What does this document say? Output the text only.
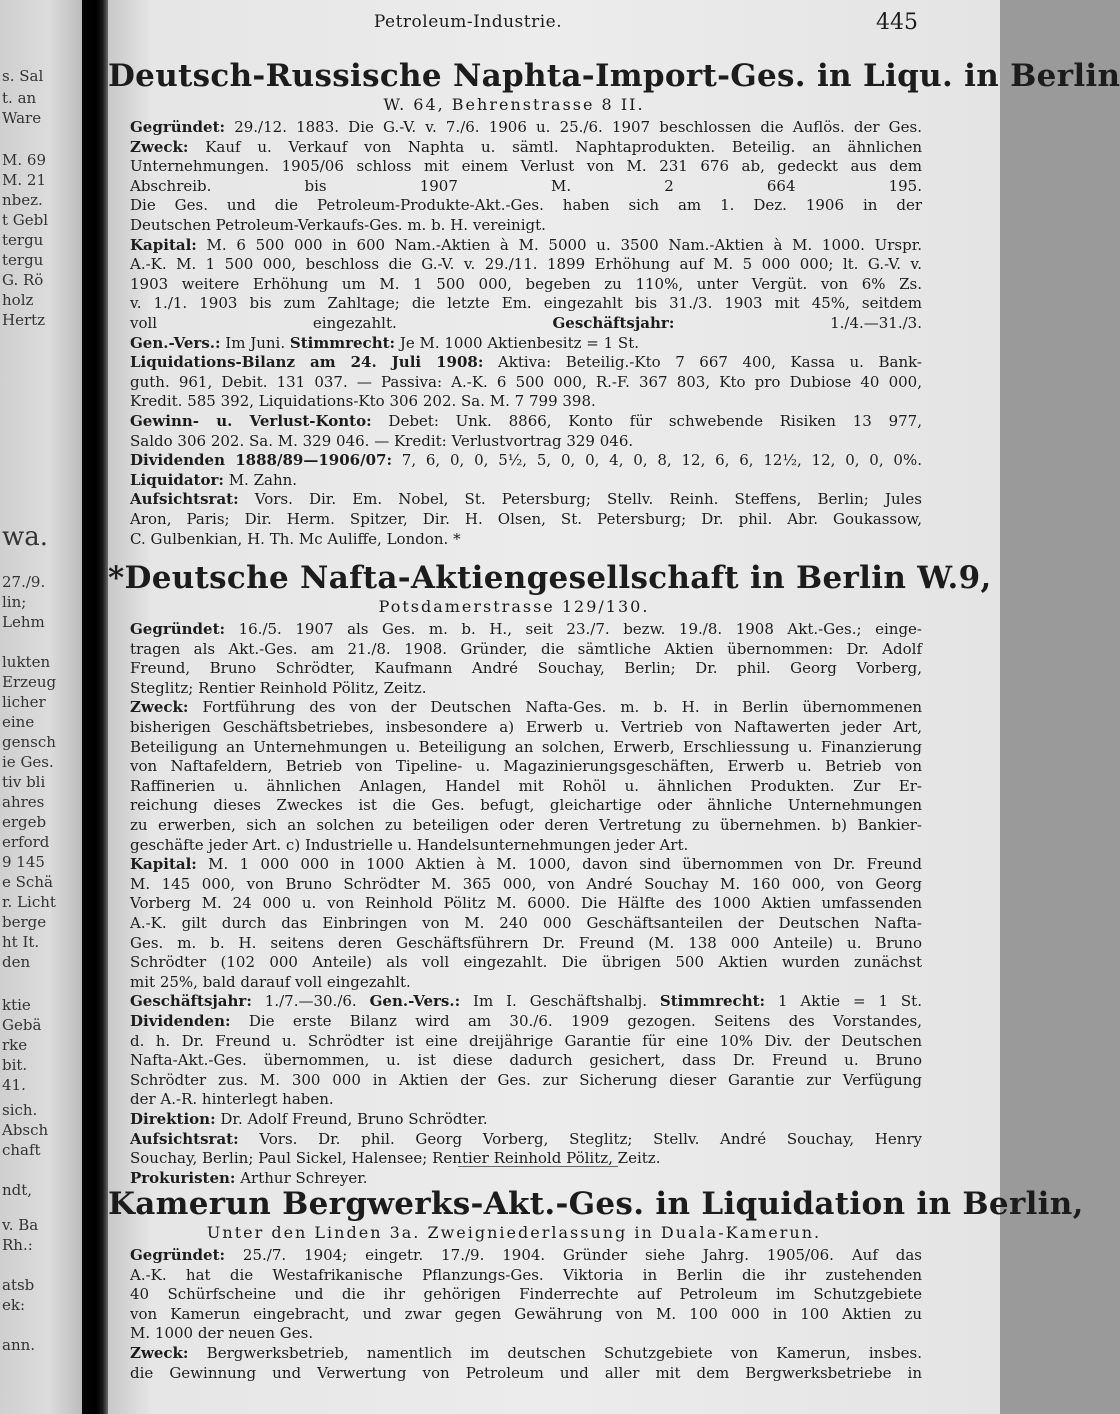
s. Sal
t. an
Ware
M. 69
M. 21
nbez.
t Gebl
tergu
tergu
G. Rö
holz
Hertz
wa.
27./9.
lin;
Lehm
lukten
Erzeug
licher
eine
gensch
ie Ges.
tiv bli
ahres
ergeb
erford
9 145
e Schä
r. Licht
berge
ht It.
den
ktie
Gebä
rke
bit.
41.
sich.
Absch
chaft
ndt,
v. Ba
Rh.:
atsb
ek:
ann.
Petroleum-Industrie.	445
Deutsch-Russische Naphta-Import-Ges. in Liqu. in Berlin
W. 64, Behrenstrasse 8 II.
Gegründet: 29./12. 1883. Die G.-V. v. 7./6. 1906 u. 25./6. 1907 beschlossen die Auflös. der Ges.
Zweck: Kauf u. Verkauf von Naphta u. sämtl. Naphtaprodukten. Beteilig. an ähnlichen
Unternehmungen. 1905/06 schloss mit einem Verlust von M. 231 676 ab, gedeckt aus dem
Abschreib. bis 1907 M. 2 664 195.
Die Ges. und die Petroleum-Produkte-Akt.-Ges. haben sich am 1. Dez. 1906 in der
Deutschen Petroleum-Verkaufs-Ges. m. b. H. vereinigt.
Kapital: M. 6 500 000 in 600 Nam.-Aktien à M. 5000 u. 3500 Nam.-Aktien à M. 1000. Urspr.
A.-K. M. 1 500 000, beschloss die G.-V. v. 29./11. 1899 Erhöhung auf M. 5 000 000; lt. G.-V. v.
1903 weitere Erhöhung um M. 1 500 000, begeben zu 110%, unter Vergüt. von 6% Zs.
v. 1./1. 1903 bis zum Zahltage; die letzte Em. eingezahlt bis 31./3. 1903 mit 45%, seitdem
voll eingezahlt.	Geschäftsjahr: 1./4.—31./3.
Gen.-Vers.: Im Juni. Stimmrecht: Je M. 1000 Aktienbesitz = 1 St.
Liquidations-Bilanz am 24. Juli 1908: Aktiva: Beteilig.-Kto 7 667 400, Kassa u. Bank-
guth. 961, Debit. 131 037. — Passiva: A.-K. 6 500 000, R.-F. 367 803, Kto pro Dubiose 40 000,
Kredit. 585 392, Liquidations-Kto 306 202. Sa. M. 7 799 398.
Gewinn- u. Verlust-Konto: Debet: Unk. 8866, Konto für schwebende Risiken 13 977,
Saldo 306 202. Sa. M. 329 046. — Kredit: Verlustvortrag 329 046.
Dividenden 1888/89—1906/07: 7, 6, 0, 0, 5½, 5, 0, 0, 4, 0, 8, 12, 6, 6, 12½, 12, 0, 0, 0%.
Liquidator: M. Zahn.
Aufsichtsrat: Vors. Dir. Em. Nobel, St. Petersburg; Stellv. Reinh. Steffens, Berlin; Jules
Aron, Paris; Dir. Herm. Spitzer, Dir. H. Olsen, St. Petersburg; Dr. phil. Abr. Goukassow,
C. Gulbenkian, H. Th. Mc Auliffe, London. *
*Deutsche Nafta-Aktiengesellschaft in Berlin W.9,
Potsdamerstrasse 129/130.
Gegründet: 16./5. 1907 als Ges. m. b. H., seit 23./7. bezw. 19./8. 1908 Akt.-Ges.; einge-
tragen als Akt.-Ges. am 21./8. 1908. Gründer, die sämtliche Aktien übernommen: Dr. Adolf
Freund, Bruno Schrödter, Kaufmann André Souchay, Berlin; Dr. phil. Georg Vorberg,
Steglitz; Rentier Reinhold Pölitz, Zeitz.
Zweck: Fortführung des von der Deutschen Nafta-Ges. m. b. H. in Berlin übernommenen
bisherigen Geschäftsbetriebes, insbesondere a) Erwerb u. Vertrieb von Naftawerten jeder Art,
Beteiligung an Unternehmungen u. Beteiligung an solchen, Erwerb, Erschliessung u. Finanzierung
von Naftafeldern, Betrieb von Tipeline- u. Magazinierungsgeschäften, Erwerb u. Betrieb von
Raffinerien u. ähnlichen Anlagen, Handel mit Rohöl u. ähnlichen Produkten. Zur Er-
reichung dieses Zweckes ist die Ges. befugt, gleichartige oder ähnliche Unternehmungen
zu erwerben, sich an solchen zu beteiligen oder deren Vertretung zu übernehmen. b) Bankier-
geschäfte jeder Art. c) Industrielle u. Handelsunternehmungen jeder Art.
Kapital: M. 1 000 000 in 1000 Aktien à M. 1000, davon sind übernommen von Dr. Freund
M. 145 000, von Bruno Schrödter M. 365 000, von André Souchay M. 160 000, von Georg
Vorberg M. 24 000 u. von Reinhold Pölitz M. 6000. Die Hälfte des 1000 Aktien umfassenden
A.-K. gilt durch das Einbringen von M. 240 000 Geschäftsanteilen der Deutschen Nafta-
Ges. m. b. H. seitens deren Geschäftsführern Dr. Freund (M. 138 000 Anteile) u. Bruno
Schrödter (102 000 Anteile) als voll eingezahlt. Die übrigen 500 Aktien wurden zunächst
mit 25%, bald darauf voll eingezahlt.
Geschäftsjahr: 1./7.—30./6. Gen.-Vers.: Im I. Geschäftshalbj. Stimmrecht: 1 Aktie = 1 St.
Dividenden: Die erste Bilanz wird am 30./6. 1909 gezogen. Seitens des Vorstandes,
d. h. Dr. Freund u. Schrödter ist eine dreijährige Garantie für eine 10% Div. der Deutschen
Nafta-Akt.-Ges. übernommen, u. ist diese dadurch gesichert, dass Dr. Freund u. Bruno
Schrödter zus. M. 300 000 in Aktien der Ges. zur Sicherung dieser Garantie zur Verfügung
der A.-R. hinterlegt haben.
Direktion: Dr. Adolf Freund, Bruno Schrödter.
Aufsichtsrat: Vors. Dr. phil. Georg Vorberg, Steglitz; Stellv. André Souchay, Henry
Souchay, Berlin; Paul Sickel, Halensee; Rentier Reinhold Pölitz, Zeitz.
Prokuristen: Arthur Schreyer.
Kamerun Bergwerks-Akt.-Ges. in Liquidation in Berlin,
Unter den Linden 3a. Zweigniederlassung in Duala-Kamerun.
Gegründet: 25./7. 1904; eingetr. 17./9. 1904. Gründer siehe Jahrg. 1905/06. Auf das
A.-K. hat die Westafrikanische Pflanzungs-Ges. Viktoria in Berlin die ihr zustehenden
40 Schürfscheine und die ihr gehörigen Finderrechte auf Petroleum im Schutzgebiete
von Kamerun eingebracht, und zwar gegen Gewährung von M. 100 000 in 100 Aktien zu
M. 1000 der neuen Ges.
Zweck: Bergwerksbetrieb, namentlich im deutschen Schutzgebiete von Kamerun, insbes.
die Gewinnung und Verwertung von Petroleum und aller mit dem Bergwerksbetriebe in
